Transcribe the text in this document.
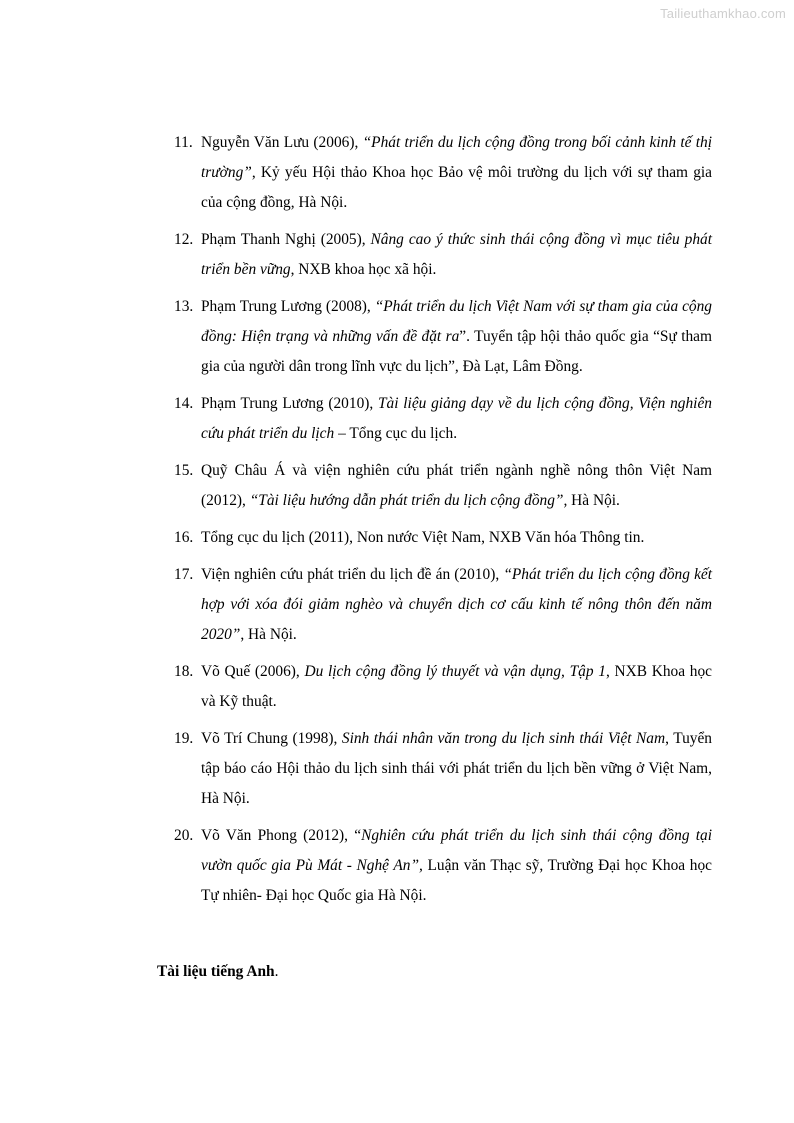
Tailieuthamkhao.com
11. Nguyễn Văn Lưu (2006), “Phát triển du lịch cộng đồng trong bối cảnh kinh tế thị trường”, Kỷ yếu Hội thảo Khoa học Bảo vệ môi trường du lịch với sự tham gia của cộng đồng, Hà Nội.
12. Phạm Thanh Nghị (2005), Nâng cao ý thức sinh thái cộng đồng vì mục tiêu phát triển bền vững, NXB khoa học xã hội.
13. Phạm Trung Lương (2008), “Phát triển du lịch Việt Nam với sự tham gia của cộng đồng: Hiện trạng và những vấn đề đặt ra”. Tuyển tập hội thảo quốc gia “Sự tham gia của người dân trong lĩnh vực du lịch”, Đà Lạt, Lâm Đồng.
14. Phạm Trung Lương (2010), Tài liệu giảng dạy về du lịch cộng đồng, Viện nghiên cứu phát triển du lịch – Tổng cục du lịch.
15. Quỹ Châu Á và viện nghiên cứu phát triển ngành nghề nông thôn Việt Nam (2012), “Tài liệu hướng dẫn phát triển du lịch cộng đồng”, Hà Nội.
16. Tổng cục du lịch (2011), Non nước Việt Nam, NXB Văn hóa Thông tin.
17. Viện nghiên cứu phát triển du lịch đề án (2010), “Phát triển du lịch cộng đồng kết hợp với xóa đói giảm nghèo và chuyển dịch cơ cấu kinh tế nông thôn đến năm 2020”, Hà Nội.
18. Võ Quế (2006), Du lịch cộng đồng lý thuyết và vận dụng, Tập 1, NXB Khoa học và Kỹ thuật.
19. Võ Trí Chung (1998), Sinh thái nhân văn trong du lịch sinh thái Việt Nam, Tuyển tập báo cáo Hội thảo du lịch sinh thái với phát triển du lịch bền vững ở Việt Nam, Hà Nội.
20. Võ Văn Phong (2012), “Nghiên cứu phát triển du lịch sinh thái cộng đồng tại vườn quốc gia Pù Mát - Nghệ An”, Luận văn Thạc sỹ, Trường Đại học Khoa học Tự nhiên- Đại học Quốc gia Hà Nội.
Tài liệu tiếng Anh.
